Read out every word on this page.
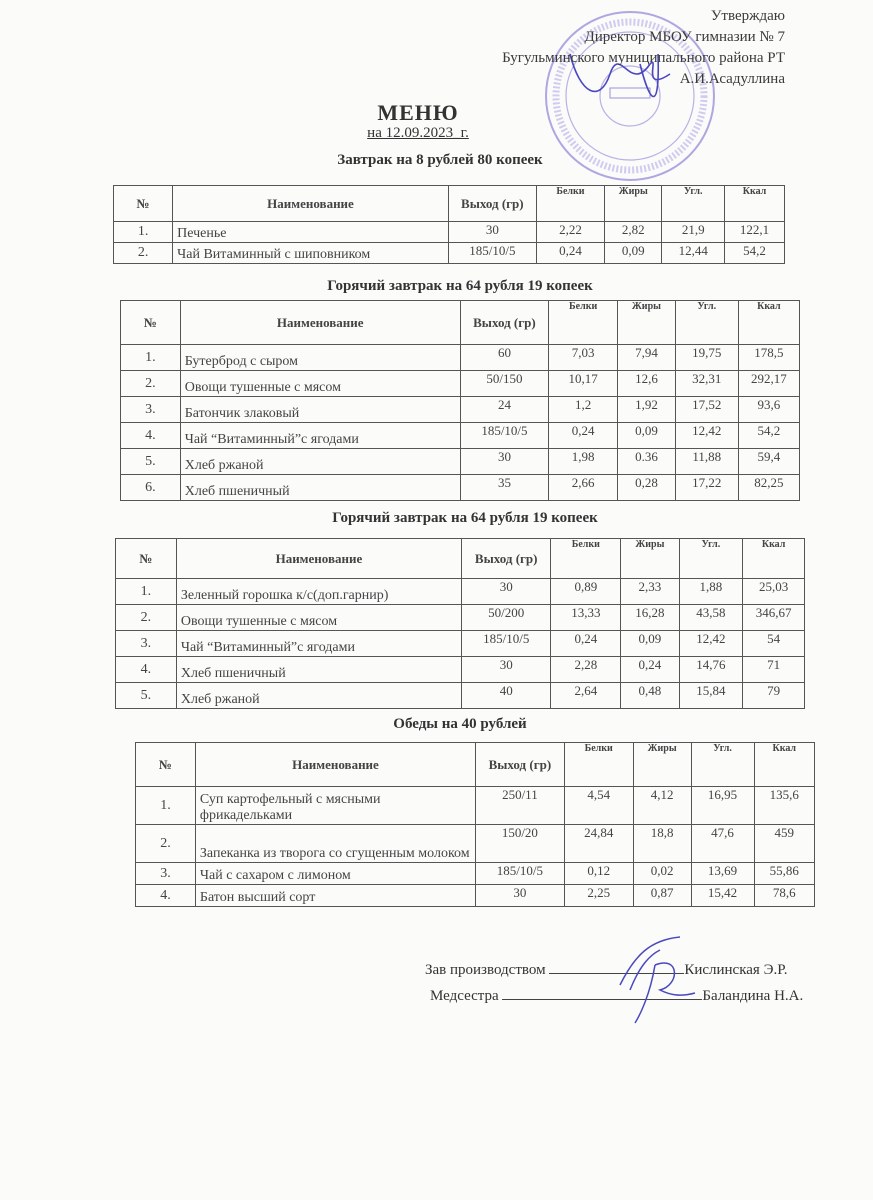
Утверждаю
Директор МБОУ гимназии № 7
Бугульминского муниципального района РТ
А.И.Асадуллина
МЕНЮ
на 12.09.2023_г.
Завтрак на 8 рублей 80 копеек
№	Наименование	Выход (гр)	Белки	Жиры	Угл.	Ккал
1.	Печенье	30	2,22	2,82	21,9	122,1
2.	Чай Витаминный с шиповником	185/10/5	0,24	0,09	12,44	54,2
Горячий завтрак на 64 рубля 19 копеек
№	Наименование	Выход (гр)	Белки	Жиры	Угл.	Ккал
1.	Бутерброд с сыром	60	7,03	7,94	19,75	178,5
2.	Овощи тушенные с мясом	50/150	10,17	12,6	32,31	292,17
3.	Батончик злаковый	24	1,2	1,92	17,52	93,6
4.	Чай “Витаминный”с ягодами	185/10/5	0,24	0,09	12,42	54,2
5.	Хлеб ржаной	30	1,98	0.36	11,88	59,4
6.	Хлеб пшеничный	35	2,66	0,28	17,22	82,25
Горячий завтрак на 64 рубля 19 копеек
№	Наименование	Выход (гр)	Белки	Жиры	Угл.	Ккал
1.	Зеленный горошка к/с(доп.гарнир)	30	0,89	2,33	1,88	25,03
2.	Овощи тушенные с мясом	50/200	13,33	16,28	43,58	346,67
3.	Чай “Витаминный”с ягодами	185/10/5	0,24	0,09	12,42	54
4.	Хлеб пшеничный	30	2,28	0,24	14,76	71
5.	Хлеб ржаной	40	2,64	0,48	15,84	79
Обеды на 40 рублей
№	Наименование	Выход (гр)	Белки	Жиры	Угл.	Ккал
1.	Суп картофельный с мясными фрикадельками	250/11	4,54	4,12	16,95	135,6
2.	Запеканка из творога со сгущенным молоком	150/20	24,84	18,8	47,6	459
3.	Чай с сахаром с лимоном	185/10/5	0,12	0,02	13,69	55,86
4.	Батон высший сорт	30	2,25	0,87	15,42	78,6
Зав производством	Кислинская Э.Р.
Медсестра	Баландина Н.А.
